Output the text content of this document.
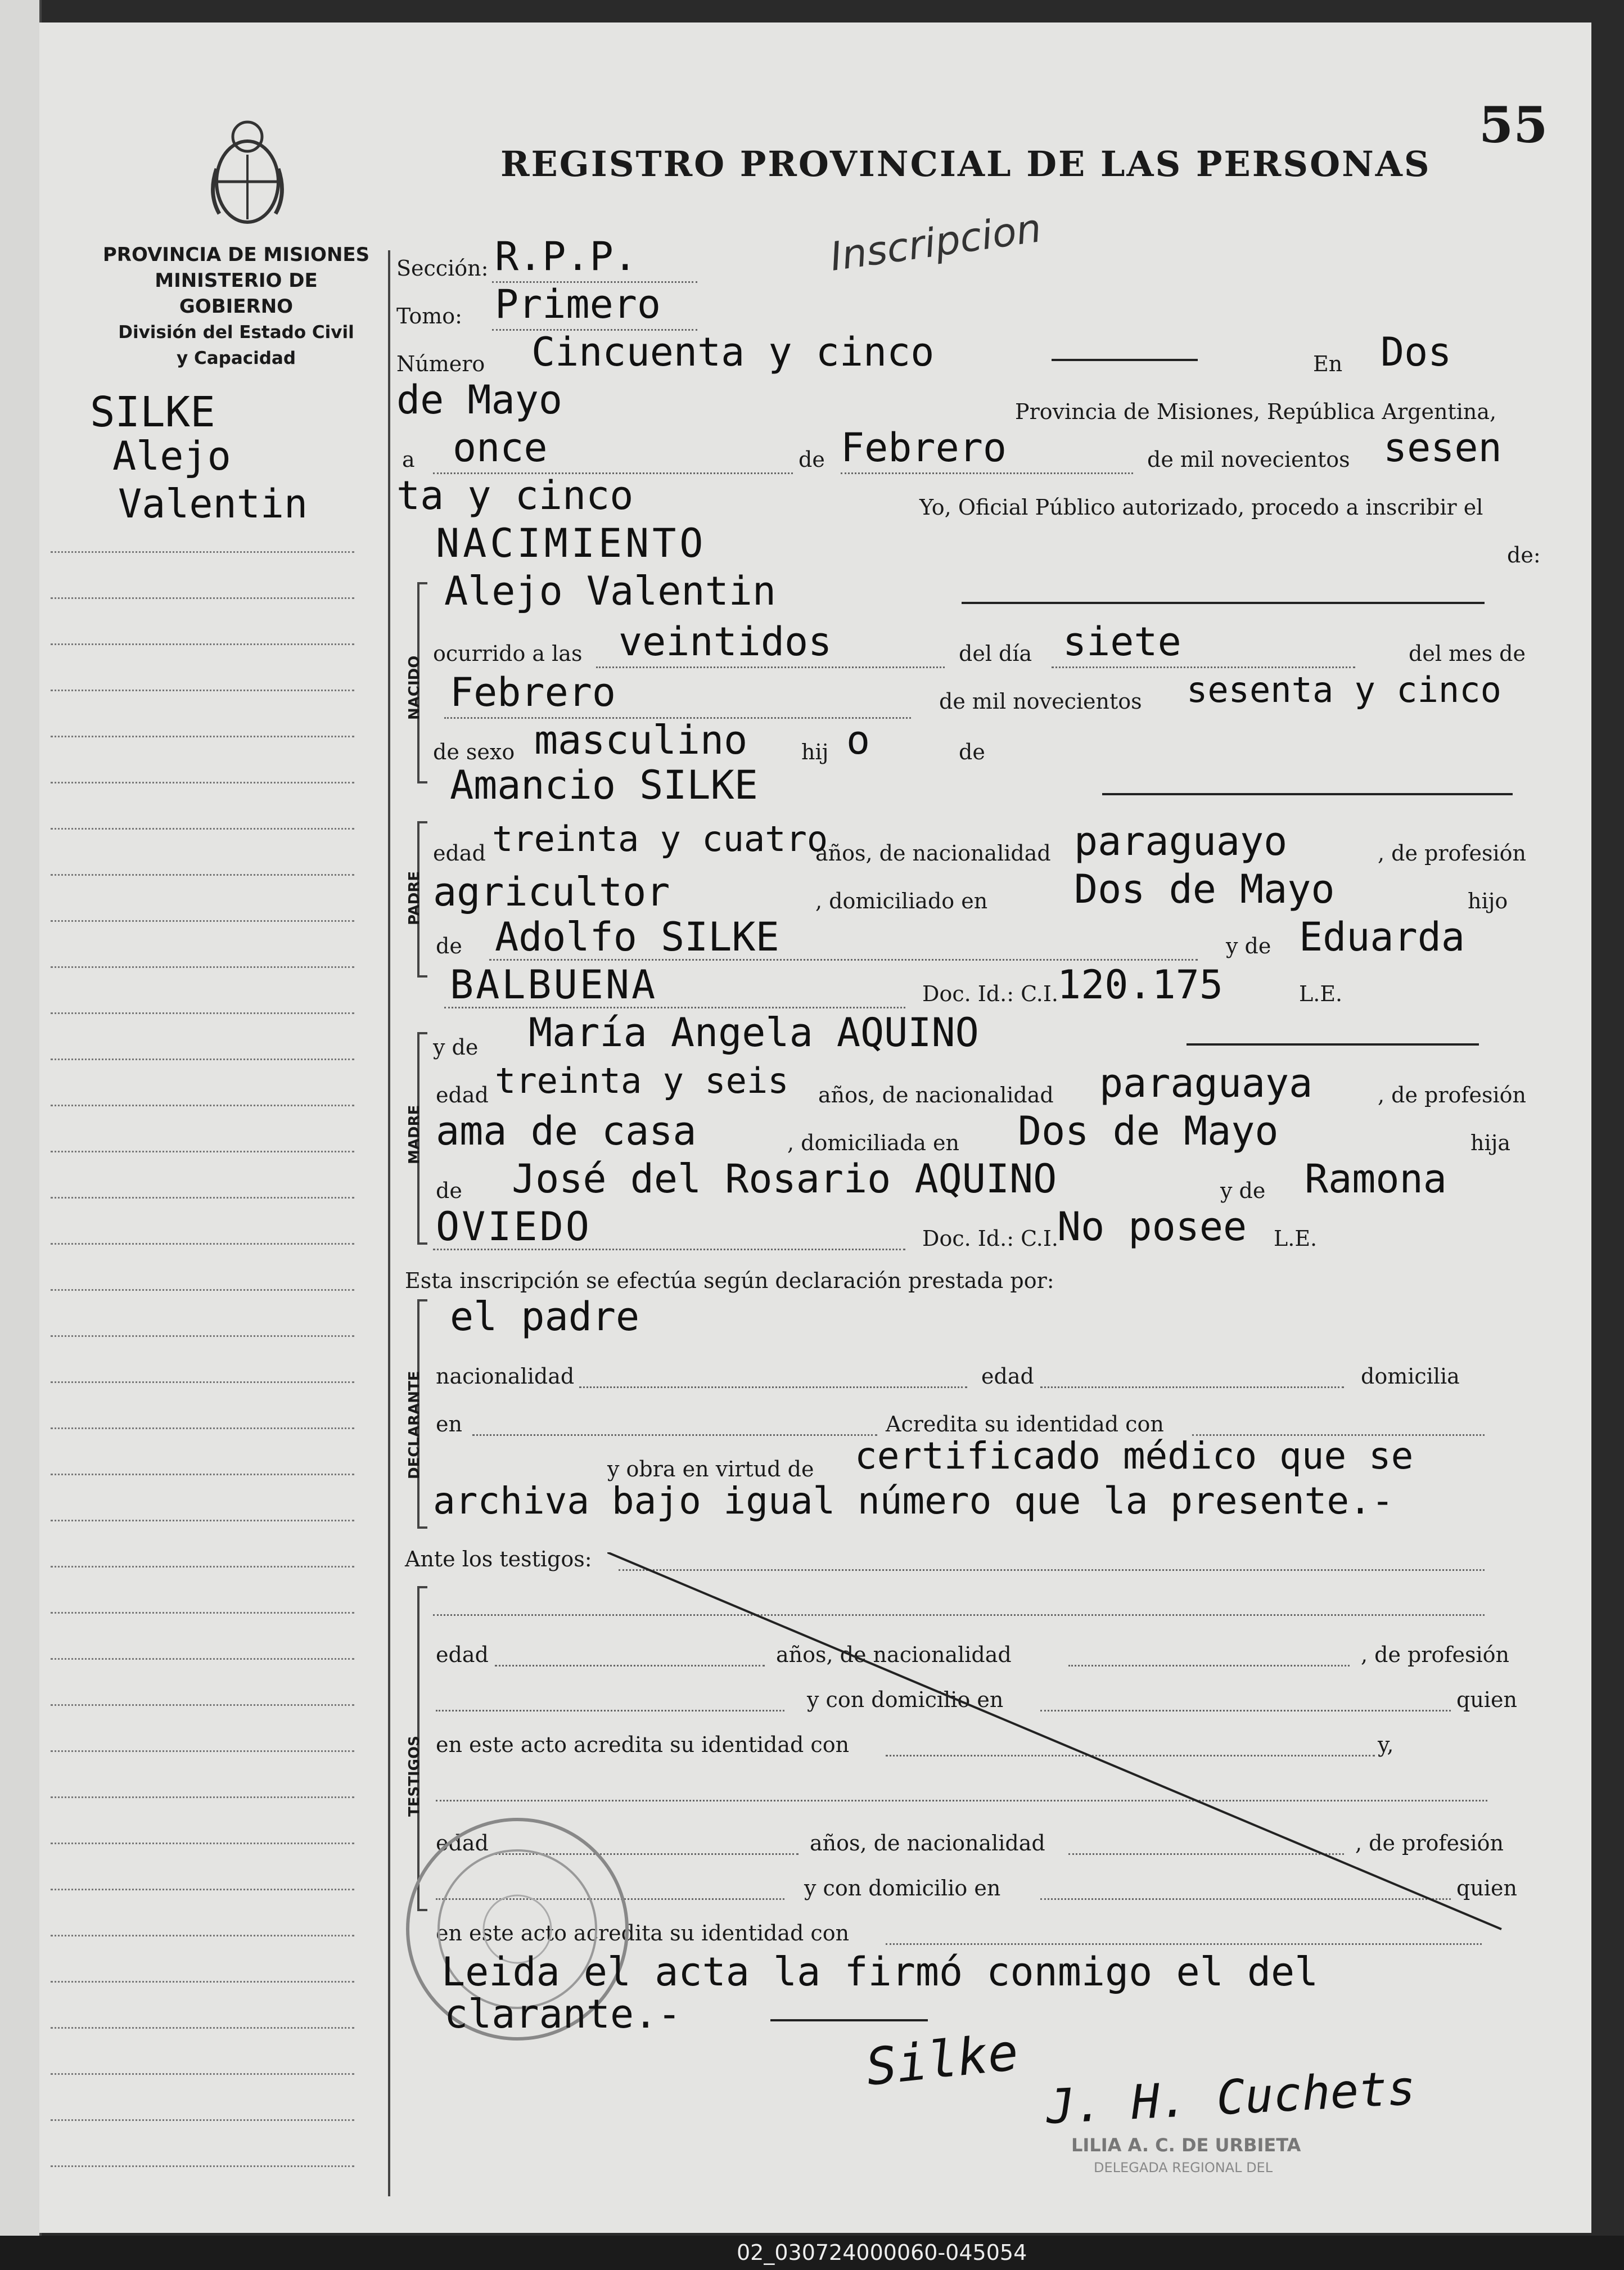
PROVINCIA DE MISIONES
MINISTERIO DE GOBIERNO
División del Estado Civil
y Capacidad
REGISTRO PROVINCIAL DE LAS PERSONAS
55
Inscripcion
SILKE
Alejo
Valentin
Sección: R.P.P.
Tomo: Primero
Número Cincuenta y cinco	En Dos
de Mayo	Provincia de Misiones, República Argentina,
a once	de Febrero	de mil novecientos sesen
ta y cinco	Yo, Oficial Público autorizado, procedo a inscribir el
NACIMIENTO	de:
NACIDO
Alejo Valentin
ocurrido a las veintidos	del día siete	del mes de
Febrero	de mil novecientos sesenta y cinco
de sexo masculino	hij o	de
Amancio SILKE
PADRE
edad treinta y cuatro
años, de nacionalidad paraguayo	, de profesión
agricultor	, domiciliado en Dos de Mayo	hijo
de Adolfo SILKE	y de Eduarda
BALBUENA	Doc. Id.: C.I.
120.175	L.E.
y de María Angela AQUINO
MADRE
edad treinta y seis años, de nacionalidad paraguaya	, de profesión
ama de casa	, domiciliada en Dos de Mayo	hija
de José del Rosario AQUINO	y de Ramona
OVIEDO	Doc. Id.: C.I.
No posee L.E.
Esta inscripción se efectúa según declaración prestada por:
DECLARANTE
el padre
nacionalidad	edad	domicilia
en	Acredita su identidad con
y obra en virtud de certificado médico que se
archiva bajo igual número que la presente.-
Ante los testigos:
TESTIGOS
edad	años, de nacionalidad	, de profesión
y con domicilio en	quien
en este acto acredita su identidad con	y,
edad	años, de nacionalidad	, de profesión
y con domicilio en	quien
en este acto acredita su identidad con
Leida el acta la firmó conmigo el del
clarante.-
Silke
J. H. Cuchets
LILIA A. C. DE URBIETA
DELEGADA REGIONAL DEL
02_030724000060-045054
